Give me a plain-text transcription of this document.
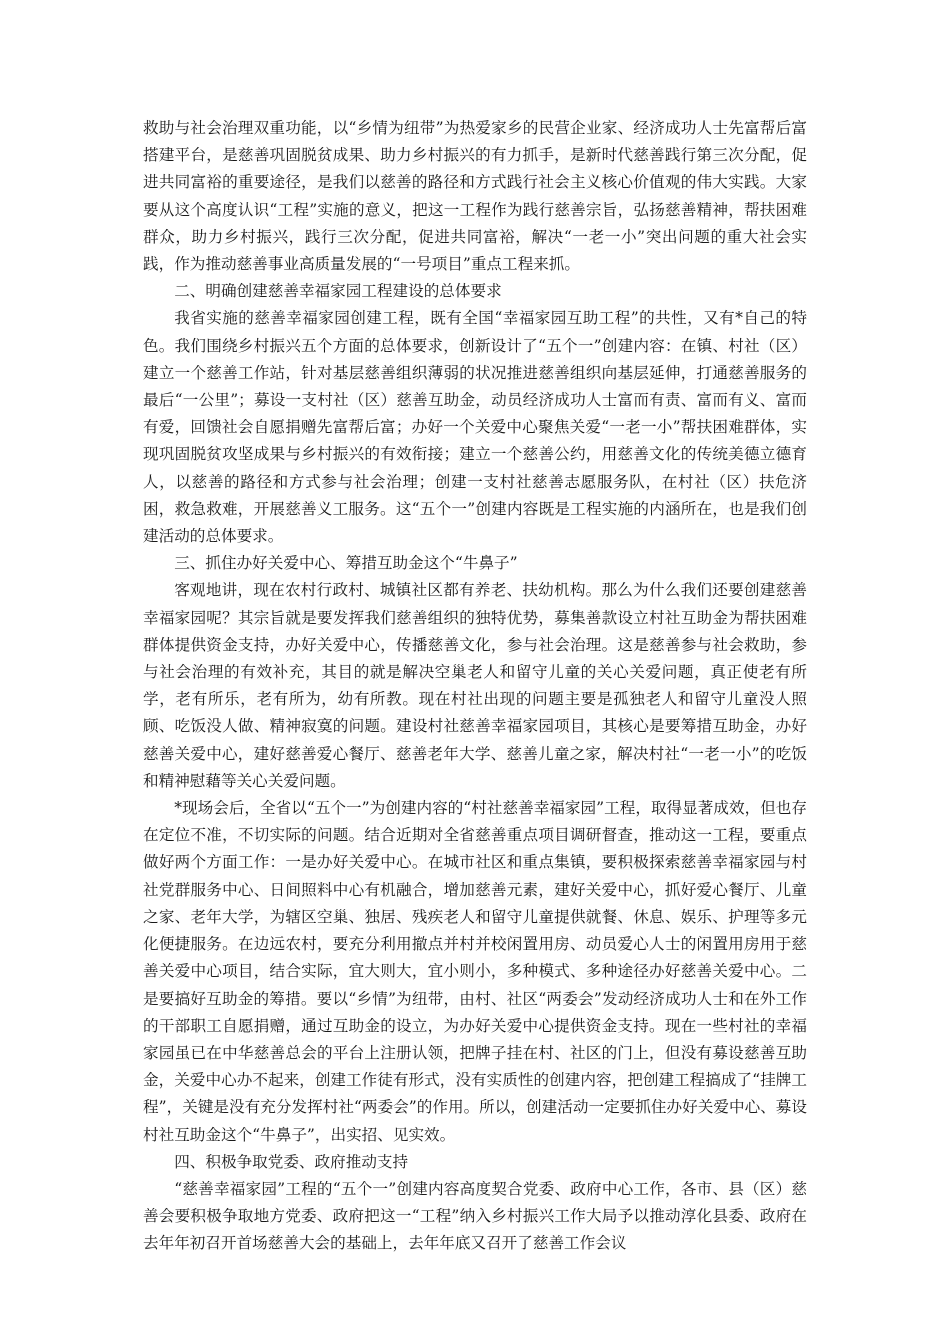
救助与社会治理双重功能，以“乡情为纽带”为热爱家乡的民营企业家、经济成功人士先富帮后富搭建平台，是慈善巩固脱贫成果、助力乡村振兴的有力抓手，是新时代慈善践行第三次分配，促进共同富裕的重要途径，是我们以慈善的路径和方式践行社会主义核心价值观的伟大实践。大家要从这个高度认识“工程”实施的意义，把这一工程作为践行慈善宗旨，弘扬慈善精神，帮扶困难群众，助力乡村振兴，践行三次分配，促进共同富裕，解决“一老一小”突出问题的重大社会实践，作为推动慈善事业高质量发展的“一号项目”重点工程来抓。

二、明确创建慈善幸福家园工程建设的总体要求

我省实施的慈善幸福家园创建工程，既有全国“幸福家园互助工程”的共性，又有*自己的特色。我们围绕乡村振兴五个方面的总体要求，创新设计了“五个一”创建内容：在镇、村社（区）建立一个慈善工作站，针对基层慈善组织薄弱的状况推进慈善组织向基层延伸，打通慈善服务的最后“一公里”；募设一支村社（区）慈善互助金，动员经济成功人士富而有责、富而有义、富而有爱，回馈社会自愿捐赠先富帮后富；办好一个关爱中心聚焦关爱“一老一小”帮扶困难群体，实现巩固脱贫攻坚成果与乡村振兴的有效衔接；建立一个慈善公约，用慈善文化的传统美德立德育人，以慈善的路径和方式参与社会治理；创建一支村社慈善志愿服务队，在村社（区）扶危济困，救急救难，开展慈善义工服务。这“五个一”创建内容既是工程实施的内涵所在，也是我们创建活动的总体要求。

三、抓住办好关爱中心、筹措互助金这个“牛鼻子”

客观地讲，现在农村行政村、城镇社区都有养老、扶幼机构。那么为什么我们还要创建慈善幸福家园呢？其宗旨就是要发挥我们慈善组织的独特优势，募集善款设立村社互助金为帮扶困难群体提供资金支持，办好关爱中心，传播慈善文化，参与社会治理。这是慈善参与社会救助，参与社会治理的有效补充，其目的就是解决空巢老人和留守儿童的关心关爱问题，真正使老有所学，老有所乐，老有所为，幼有所教。现在村社出现的问题主要是孤独老人和留守儿童没人照顾、吃饭没人做、精神寂寞的问题。建设村社慈善幸福家园项目，其核心是要筹措互助金，办好慈善关爱中心，建好慈善爱心餐厅、慈善老年大学、慈善儿童之家，解决村社“一老一小”的吃饭和精神慰藉等关心关爱问题。

*现场会后，全省以“五个一”为创建内容的“村社慈善幸福家园”工程，取得显著成效，但也存在定位不准，不切实际的问题。结合近期对全省慈善重点项目调研督查，推动这一工程，要重点做好两个方面工作：一是办好关爱中心。在城市社区和重点集镇，要积极探索慈善幸福家园与村社党群服务中心、日间照料中心有机融合，增加慈善元素，建好关爱中心，抓好爱心餐厅、儿童之家、老年大学，为辖区空巢、独居、残疾老人和留守儿童提供就餐、休息、娱乐、护理等多元化便捷服务。在边远农村，要充分利用撤点并村并校闲置用房、动员爱心人士的闲置用房用于慈善关爱中心项目，结合实际，宜大则大，宜小则小，多种模式、多种途径办好慈善关爱中心。二是要搞好互助金的筹措。要以“乡情”为纽带，由村、社区“两委会”发动经济成功人士和在外工作的干部职工自愿捐赠，通过互助金的设立，为办好关爱中心提供资金支持。现在一些村社的幸福家园虽已在中华慈善总会的平台上注册认领，把牌子挂在村、社区的门上，但没有募设慈善互助金，关爱中心办不起来，创建工作徒有形式，没有实质性的创建内容，把创建工程搞成了“挂牌工程”，关键是没有充分发挥村社“两委会”的作用。所以，创建活动一定要抓住办好关爱中心、募设村社互助金这个“牛鼻子”，出实招、见实效。

四、积极争取党委、政府推动支持

“慈善幸福家园”工程的“五个一”创建内容高度契合党委、政府中心工作，各市、县（区）慈善会要积极争取地方党委、政府把这一“工程”纳入乡村振兴工作大局予以推动淳化县委、政府在去年年初召开首场慈善大会的基础上，去年年底又召开了慈善工作会议
